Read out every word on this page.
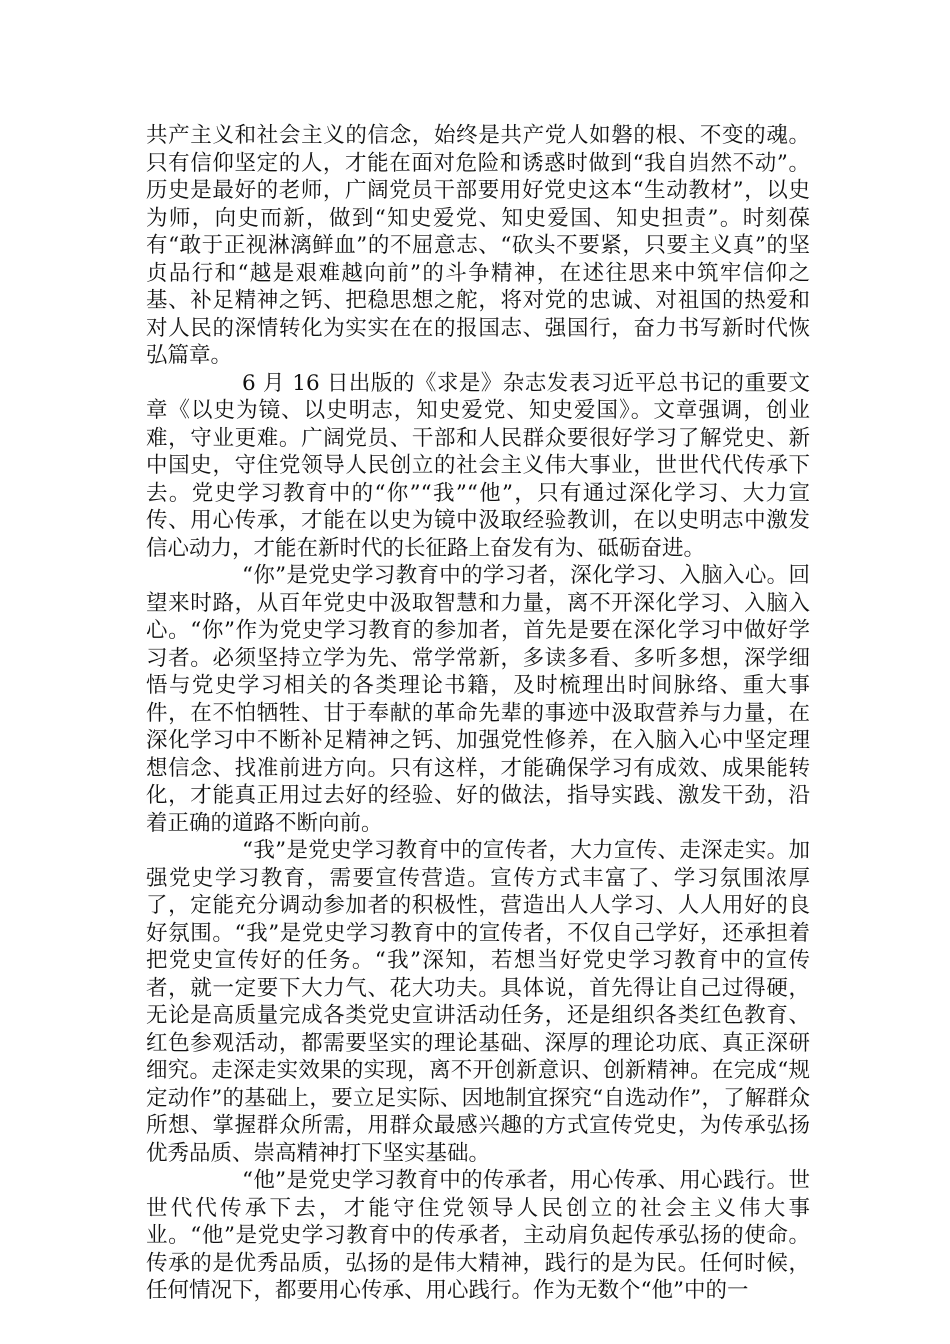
共产主义和社会主义的信念，始终是共产党人如磐的根、不变的魂。只有信仰坚定的人，才能在面对危险和诱惑时做到“我自岿然不动”。历史是最好的老师，广阔党员干部要用好党史这本“生动教材”，以史为师，向史而新，做到“知史爱党、知史爱国、知史担责”。时刻葆有“敢于正视淋漓鲜血”的不屈意志、“砍头不要紧，只要主义真”的坚贞品行和“越是艰难越向前”的斗争精神，在述往思来中筑牢信仰之基、补足精神之钙、把稳思想之舵，将对党的忠诚、对祖国的热爱和对人民的深情转化为实实在在的报国志、强国行，奋力书写新时代恢弘篇章。

6 月 16 日出版的《求是》杂志发表习近平总书记的重要文章《以史为镜、以史明志，知史爱党、知史爱国》。文章强调，创业难，守业更难。广阔党员、干部和人民群众要很好学习了解党史、新中国史，守住党领导人民创立的社会主义伟大事业，世世代代传承下去。党史学习教育中的“你”“我”“他”，只有通过深化学习、大力宣传、用心传承，才能在以史为镜中汲取经验教训，在以史明志中激发信心动力，才能在新时代的长征路上奋发有为、砥砺奋进。

“你”是党史学习教育中的学习者，深化学习、入脑入心。回望来时路，从百年党史中汲取智慧和力量，离不开深化学习、入脑入心。“你”作为党史学习教育的参加者，首先是要在深化学习中做好学习者。必须坚持立学为先、常学常新，多读多看、多听多想，深学细悟与党史学习相关的各类理论书籍，及时梳理出时间脉络、重大事件，在不怕牺牲、甘于奉献的革命先辈的事迹中汲取营养与力量，在深化学习中不断补足精神之钙、加强党性修养，在入脑入心中坚定理想信念、找准前进方向。只有这样，才能确保学习有成效、成果能转化，才能真正用过去好的经验、好的做法，指导实践、激发干劲，沿着正确的道路不断向前。

“我”是党史学习教育中的宣传者，大力宣传、走深走实。加强党史学习教育，需要宣传营造。宣传方式丰富了、学习氛围浓厚了，定能充分调动参加者的积极性，营造出人人学习、人人用好的良好氛围。“我”是党史学习教育中的宣传者，不仅自己学好，还承担着把党史宣传好的任务。“我”深知，若想当好党史学习教育中的宣传者，就一定要下大力气、花大功夫。具体说，首先得让自己过得硬，无论是高质量完成各类党史宣讲活动任务，还是组织各类红色教育、红色参观活动，都需要坚实的理论基础、深厚的理论功底、真正深研细究。走深走实效果的实现，离不开创新意识、创新精神。在完成“规定动作”的基础上，要立足实际、因地制宜探究“自选动作”，了解群众所想、掌握群众所需，用群众最感兴趣的方式宣传党史，为传承弘扬优秀品质、崇高精神打下坚实基础。

“他”是党史学习教育中的传承者，用心传承、用心践行。世世代代传承下去，才能守住党领导人民创立的社会主义伟大事业。“他”是党史学习教育中的传承者，主动肩负起传承弘扬的使命。传承的是优秀品质，弘扬的是伟大精神，践行的是为民。任何时候，任何情况下，都要用心传承、用心践行。作为无数个“他”中的一
